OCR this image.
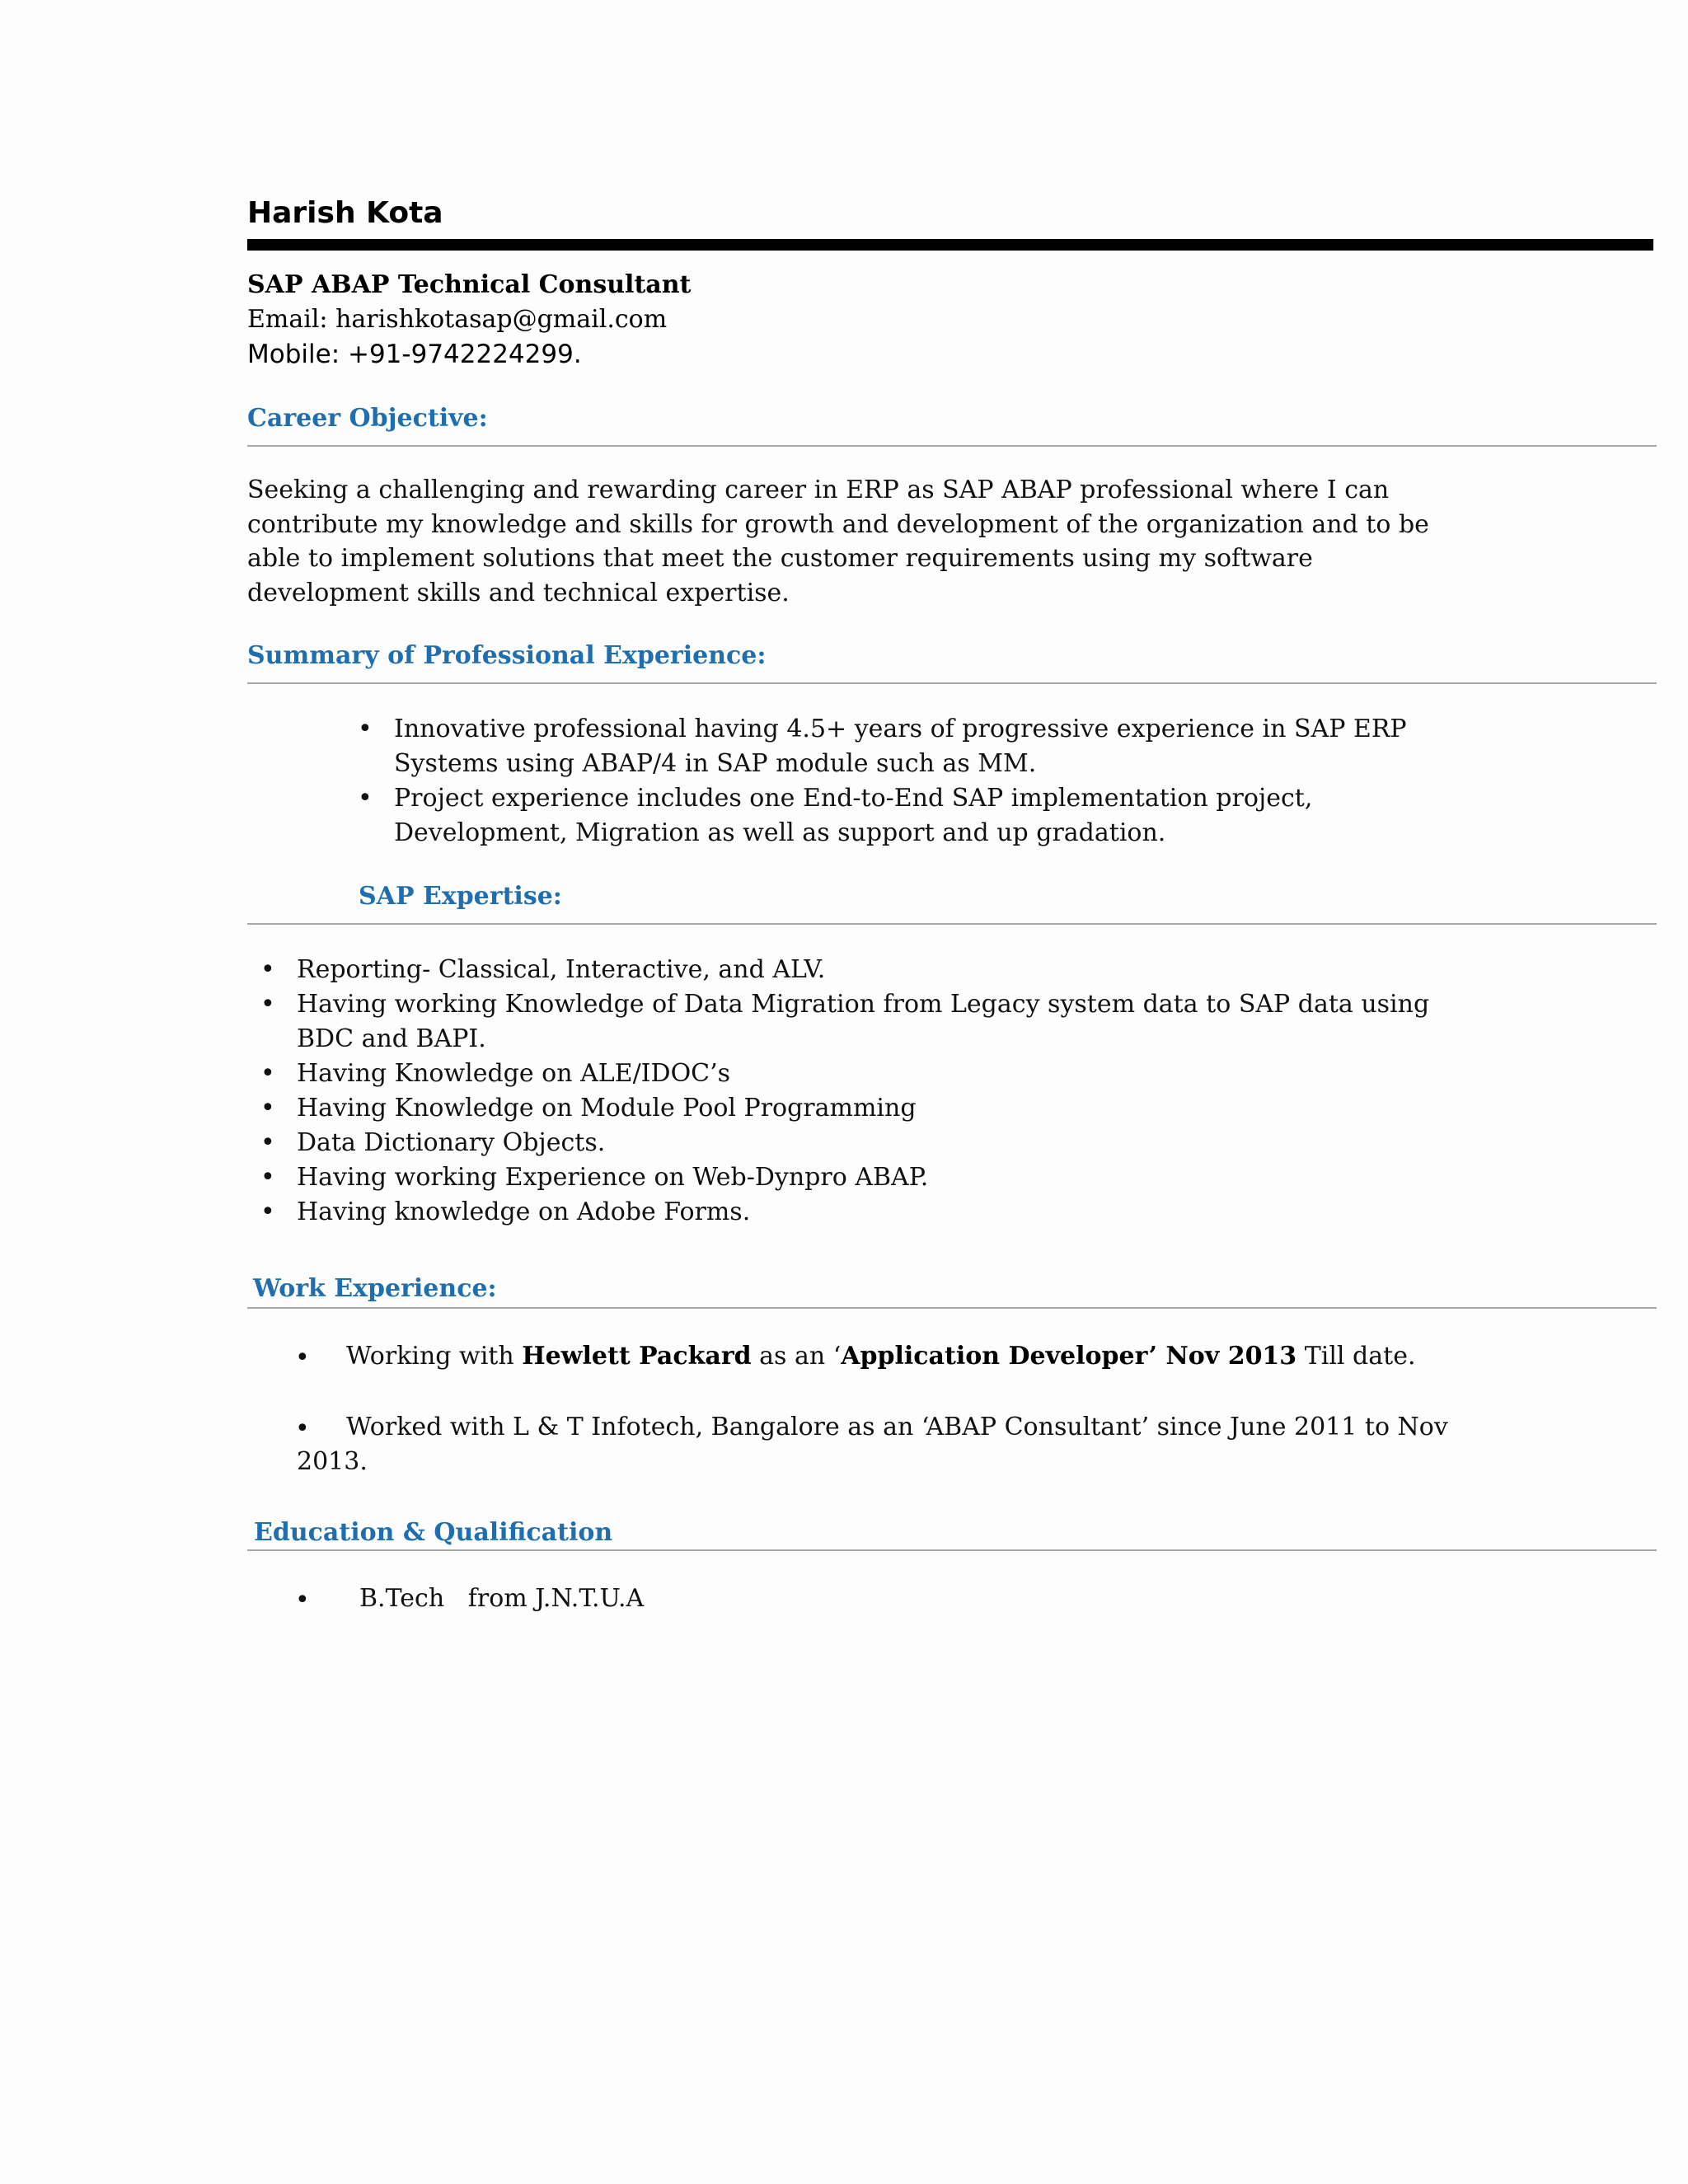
Harish Kota
SAP ABAP Technical Consultant
Email: harishkotasap@gmail.com
Mobile: +91-9742224299.
Career Objective:
Seeking a challenging and rewarding career in ERP as SAP ABAP professional where I can
contribute my knowledge and skills for growth and development of the organization and to be
able to implement solutions that meet the customer requirements using my software
development skills and technical expertise.
Summary of Professional Experience:
• Innovative professional having 4.5+ years of progressive experience in SAP ERP
Systems using ABAP/4 in SAP module such as MM.
• Project experience includes one End-to-End SAP implementation project,
Development, Migration as well as support and up gradation.
SAP Expertise:
• Reporting- Classical, Interactive, and ALV.
• Having working Knowledge of Data Migration from Legacy system data to SAP data using
BDC and BAPI.
• Having Knowledge on ALE/IDOC’s
• Having Knowledge on Module Pool Programming
• Data Dictionary Objects.
• Having working Experience on Web-Dynpro ABAP.
• Having knowledge on Adobe Forms.
Work Experience:
• Working with Hewlett Packard as an ‘Application Developer’ Nov 2013 Till date.
• Worked with L & T Infotech, Bangalore as an ‘ABAP Consultant’ since June 2011 to Nov
2013.
Education & Qualification
• B.Tech   from J.N.T.U.A
